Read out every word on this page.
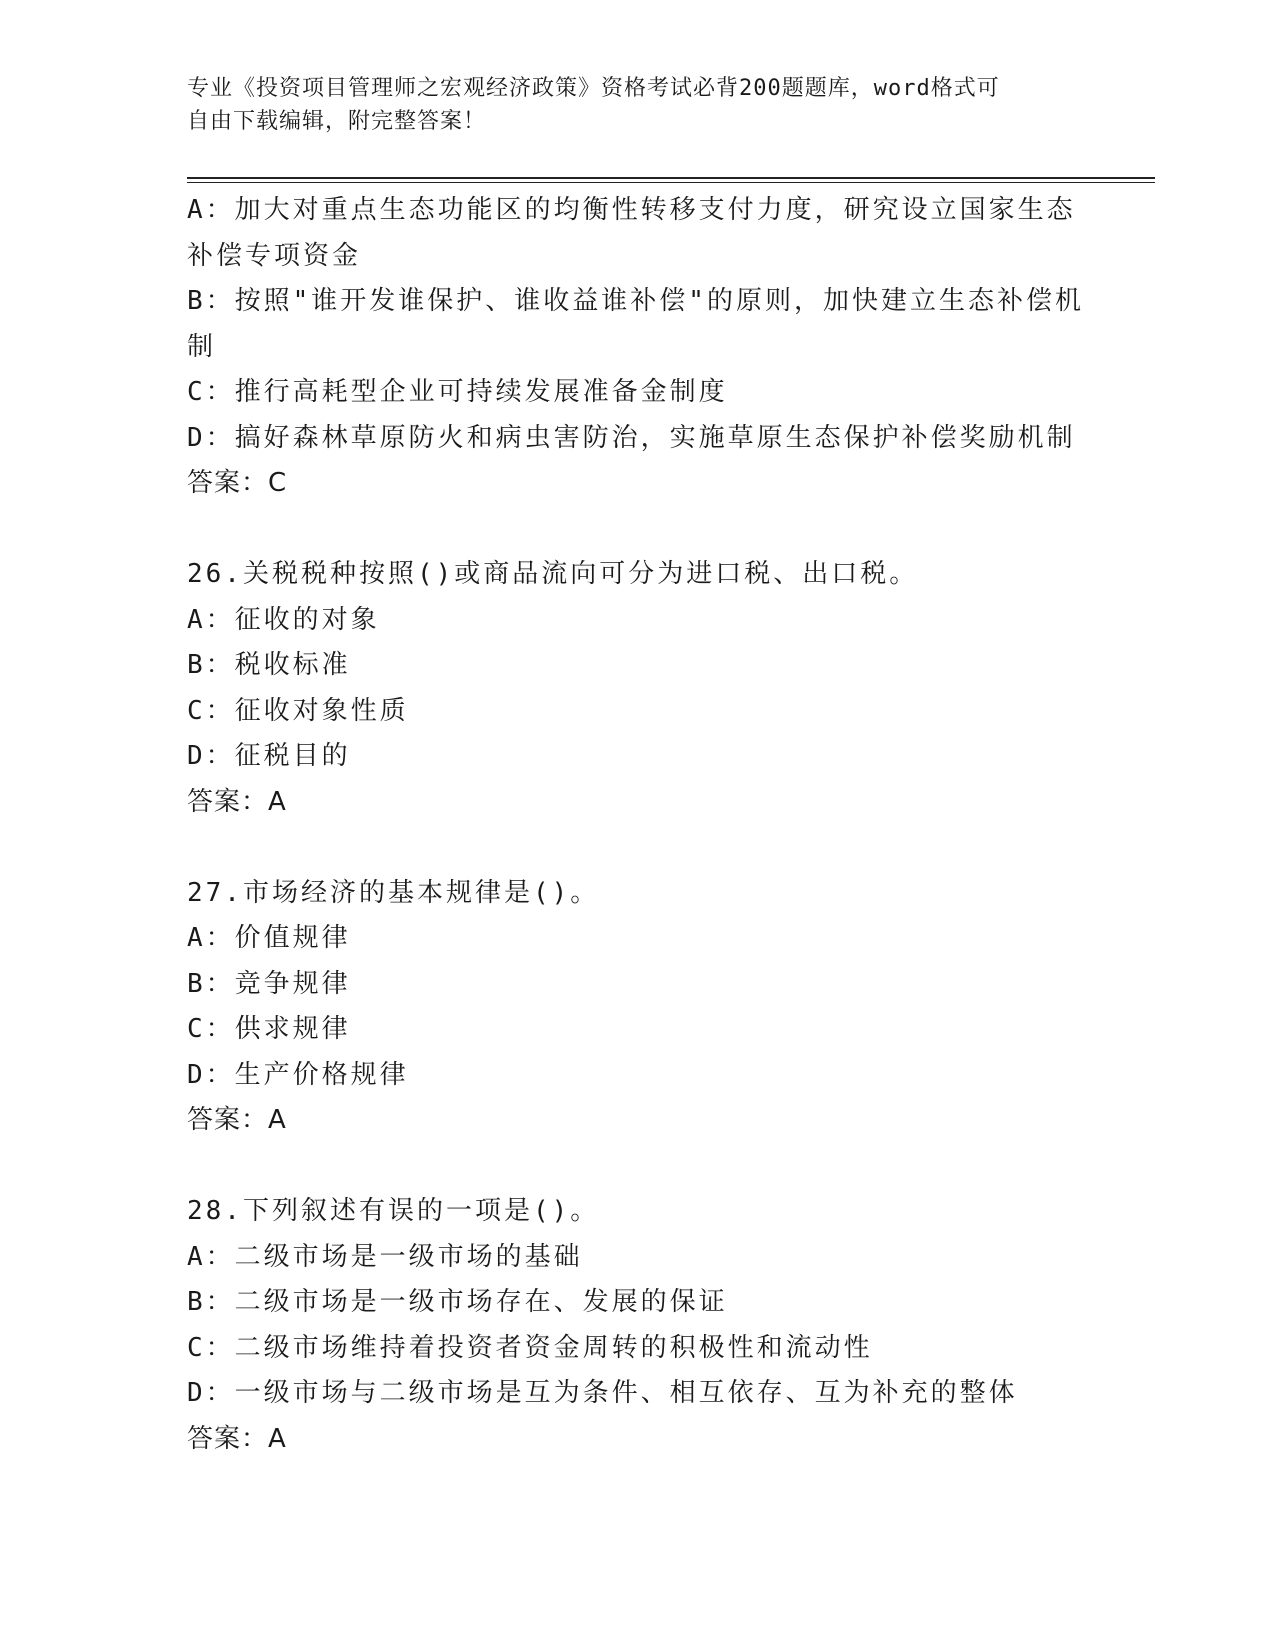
专业《投资项目管理师之宏观经济政策》资格考试必背200题题库，word格式可
自由下载编辑，附完整答案！
A：加大对重点生态功能区的均衡性转移支付力度，研究设立国家生态
补偿专项资金
B：按照"谁开发谁保护、谁收益谁补偿"的原则，加快建立生态补偿机
制
C：推行高耗型企业可持续发展准备金制度
D：搞好森林草原防火和病虫害防治，实施草原生态保护补偿奖励机制
答案：C
26.关税税种按照()或商品流向可分为进口税、出口税。
A：征收的对象
B：税收标准
C：征收对象性质
D：征税目的
答案：A
27.市场经济的基本规律是()。
A：价值规律
B：竞争规律
C：供求规律
D：生产价格规律
答案：A
28.下列叙述有误的一项是()。
A：二级市场是一级市场的基础
B：二级市场是一级市场存在、发展的保证
C：二级市场维持着投资者资金周转的积极性和流动性
D：一级市场与二级市场是互为条件、相互依存、互为补充的整体
答案：A
